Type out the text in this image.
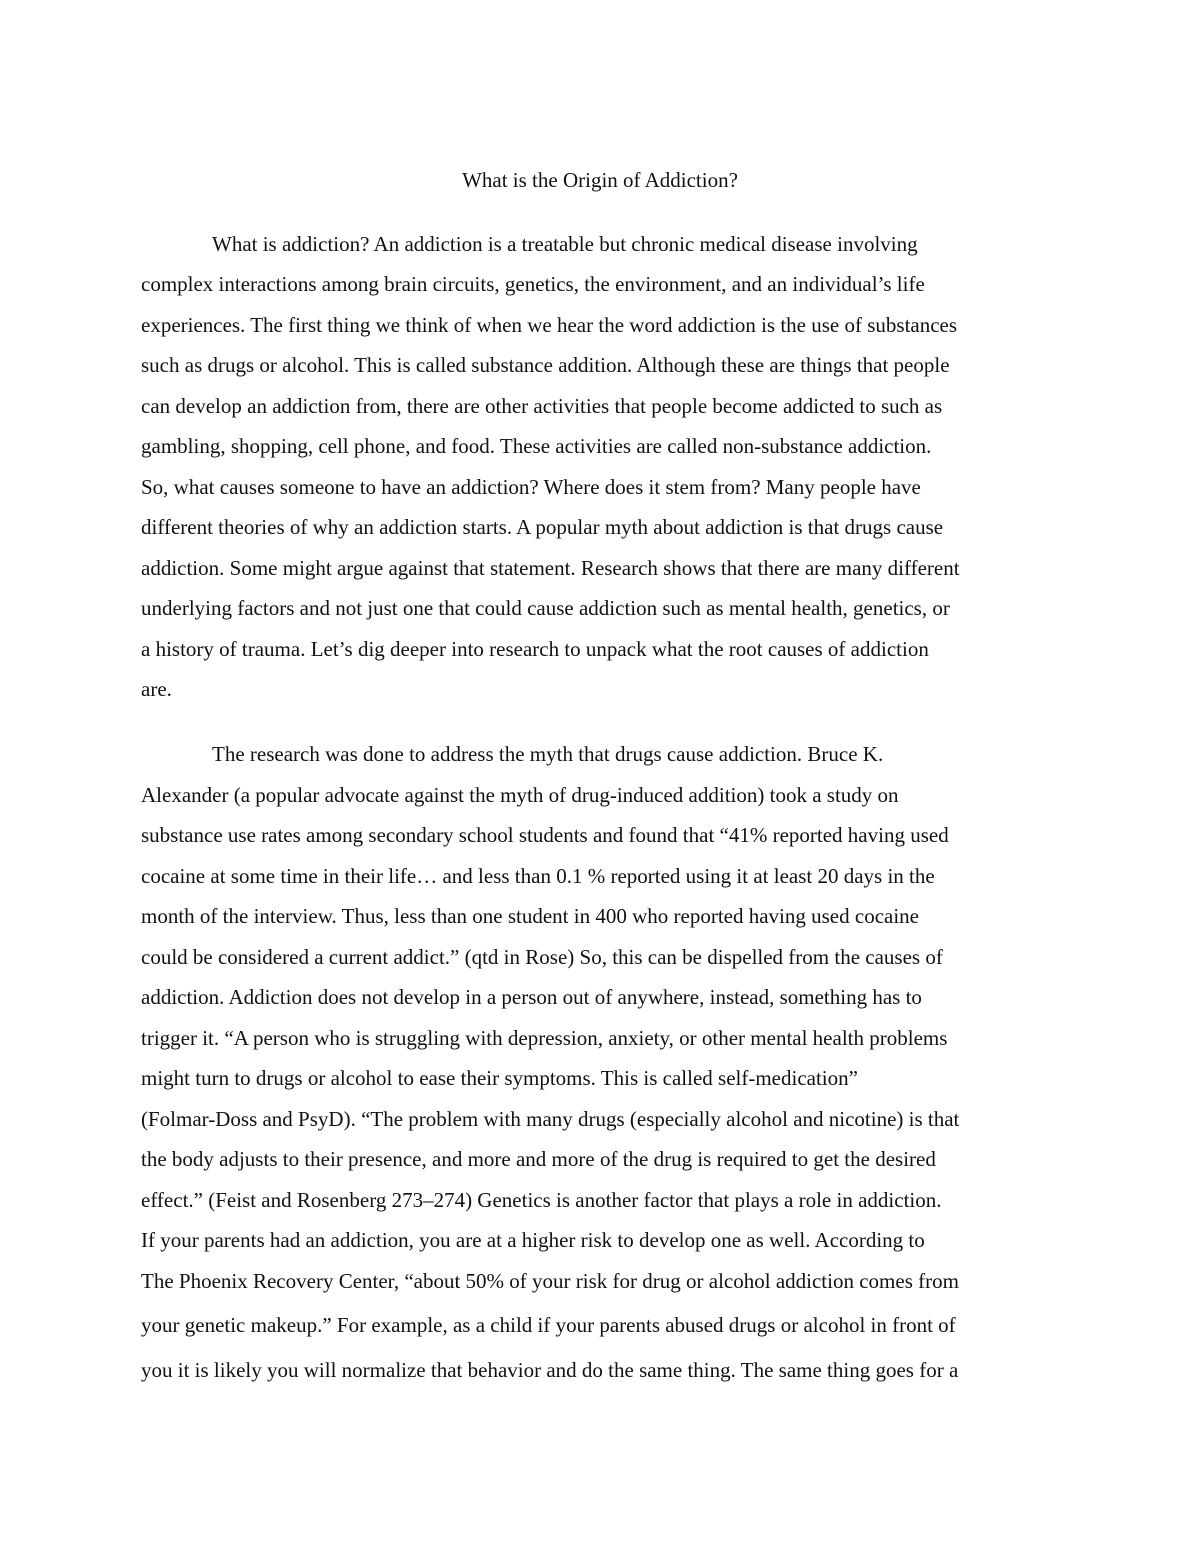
What is the Origin of Addiction?

What is addiction? An addiction is a treatable but chronic medical disease involving

complex interactions among brain circuits, genetics, the environment, and an individual’s life

experiences. The first thing we think of when we hear the word addiction is the use of substances

such as drugs or alcohol. This is called substance addition. Although these are things that people

can develop an addiction from, there are other activities that people become addicted to such as

gambling, shopping, cell phone, and food. These activities are called non-substance addiction.

So, what causes someone to have an addiction? Where does it stem from? Many people have

different theories of why an addiction starts. A popular myth about addiction is that drugs cause

addiction. Some might argue against that statement. Research shows that there are many different

underlying factors and not just one that could cause addiction such as mental health, genetics, or

a history of trauma. Let’s dig deeper into research to unpack what the root causes of addiction

are.

The research was done to address the myth that drugs cause addiction. Bruce K.

Alexander (a popular advocate against the myth of drug-induced addition) took a study on

substance use rates among secondary school students and found that “41% reported having used

cocaine at some time in their life… and less than 0.1 % reported using it at least 20 days in the

month of the interview. Thus, less than one student in 400 who reported having used cocaine

could be considered a current addict.” (qtd in Rose) So, this can be dispelled from the causes of

addiction. Addiction does not develop in a person out of anywhere, instead, something has to

trigger it. “A person who is struggling with depression, anxiety, or other mental health problems

might turn to drugs or alcohol to ease their symptoms. This is called self-medication”

(Folmar-Doss and PsyD). “The problem with many drugs (especially alcohol and nicotine) is that

the body adjusts to their presence, and more and more of the drug is required to get the desired

effect.” (Feist and Rosenberg 273–274) Genetics is another factor that plays a role in addiction.

If your parents had an addiction, you are at a higher risk to develop one as well. According to

The Phoenix Recovery Center, “about 50% of your risk for drug or alcohol addiction comes from

your genetic makeup.” For example, as a child if your parents abused drugs or alcohol in front of

you it is likely you will normalize that behavior and do the same thing. The same thing goes for a
